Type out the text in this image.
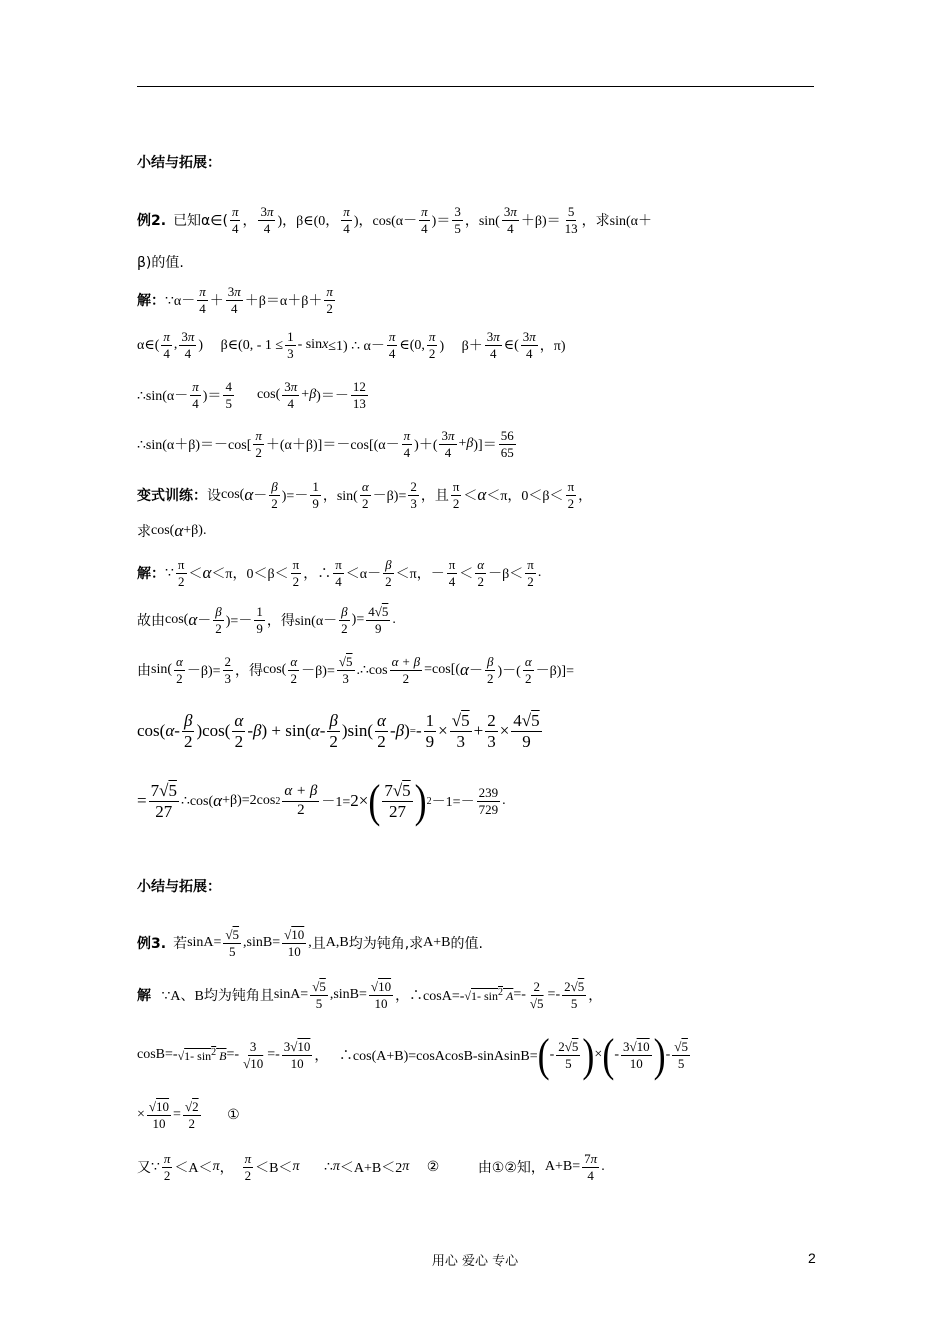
小结与拓展：
例2.
已知α∈( $\frac{\pi}{4}$ ， $\frac{3\pi}{4}$ )，β∈(0， $\frac{\pi}{4}$ )，$\cos(\alpha- \frac{\pi}{4}$ )＝ $\frac{3}{5}$ ，$\sin( \frac{3\pi}{4} +\beta)= \frac{5}{13}$ ， 求 sin(α＋
β)的值.
解： ∵α－ $\frac{\pi}{4} + \frac{3\pi}{4} +\beta=\alpha+\beta+ \frac{\pi}{2}$
α∈( $\frac{\pi}{4}$ , $\frac{3\pi}{4}$ )     β∈(0, - $1 \le \frac{1}{3} - \sin x \le 1$) ∴ $\alpha- \frac{\pi}{4}$ ∈(0, $\frac{\pi}{2}$ )     $\beta+ \frac{3\pi}{4}$ ∈( $\frac{3\pi}{4}$ ，π)
∴sin(α－ $\frac{\pi}{4}$ )＝ $\frac{4}{5} \cos( \frac{3\pi}{4} + \beta$ )＝－ $\frac{12}{13}$
∴sin(α＋β)＝－cos[ $\frac{\pi}{2} +(\alpha+\beta)]=-\cos[(\alpha- \frac{\pi}{4}$ )＋( $\frac{3\pi}{4} + \beta$ )]＝ $\frac{56}{65}$
变式训练： 设 cos( $\alpha - \frac{\beta}{2}$ )=－ $\frac{1}{9}$ ，$\sin( \frac{\alpha}{2} -\beta)= \frac{2}{3}$ ， 且 $\frac{\pi}{2} < \alpha <\pi$，$0<\beta< \frac{\pi}{2}$ ，
求 cos( α +β).
解： ∵ $\frac{\pi}{2} < \alpha <\pi$，$0<\beta< \frac{\pi}{2}$ ，∴ $\frac{\pi}{4} <\alpha- \frac{\beta}{2} <\pi$，－ $\frac{\pi}{4} < \frac{\alpha}{2} -\beta< \frac{\pi}{2}$ .
故由 cos( $\alpha - \frac{\beta}{2}$ )=－ $\frac{1}{9}$ ， 得 $\sin(\alpha- \frac{\beta}{2}$ )= $\frac{4√5}{9}$ .
由 $\sin( \frac{\alpha}{2} -\beta)= \frac{2}{3}$ ， 得 $\cos( \frac{\alpha}{2} -\beta)= \frac{√5}{3}$ .∴cos $\frac{\alpha + \beta}{2} =\cos$[( $\alpha - \frac{\beta}{2}$ )－( $\frac{\alpha}{2} -\beta)]=$
cos( α - $\frac{\beta}{2} )\cos( \frac{\alpha}{2}$ - β ) + sin( α - $\frac{\beta}{2} )\sin( \frac{\alpha}{2}$ - β ) = - $\frac{1}{9} \times \frac{√5}{3} + \frac{2}{3} \times \frac{4√5}{9}$
= $\frac{7√5}{27}$ ∴cos( α +β)=2cos $2 \frac{\alpha + \beta}{2} -1= 2\times$ ( $\frac{7√5}{27}$ ) $2 -1=- \frac{239}{729}$ .
小结与拓展：
例3.
若 $\sin A= \frac{√5}{5} ,\sin B= \frac{√10}{10}$ , 且 A,B 均为钝角,求 A+B 的值.
解 ∵A、B 均为钝角且 $\sin A= \frac{√5}{5} ,\sin B= \frac{√10}{10}$ ，∴cosA=- √1- $\sin^2 A =- \frac{2}{√5} =- \frac{2√5}{5}$ ，
cosB=- √1- $\sin^2 B =- \frac{3}{√10} =- \frac{3√10}{10}$ ，   ∴cos(A+B)=cosAcosB-sinAsinB= ( - $\frac{2√5}{5}$ ) × ( - $\frac{3√10}{10}$ ) - $\frac{√5}{5}$
× $\frac{√10}{10} = \frac{√2}{2}$ ①
又 ∵ $\frac{\pi}{2} <A< \pi$ ， $\frac{\pi}{2} <B< \pi$ ∴ π ＜A+B＜2 π ② 由①②知， $A+B= \frac{7\pi}{4}$ .
用心 爱心 专心	2
